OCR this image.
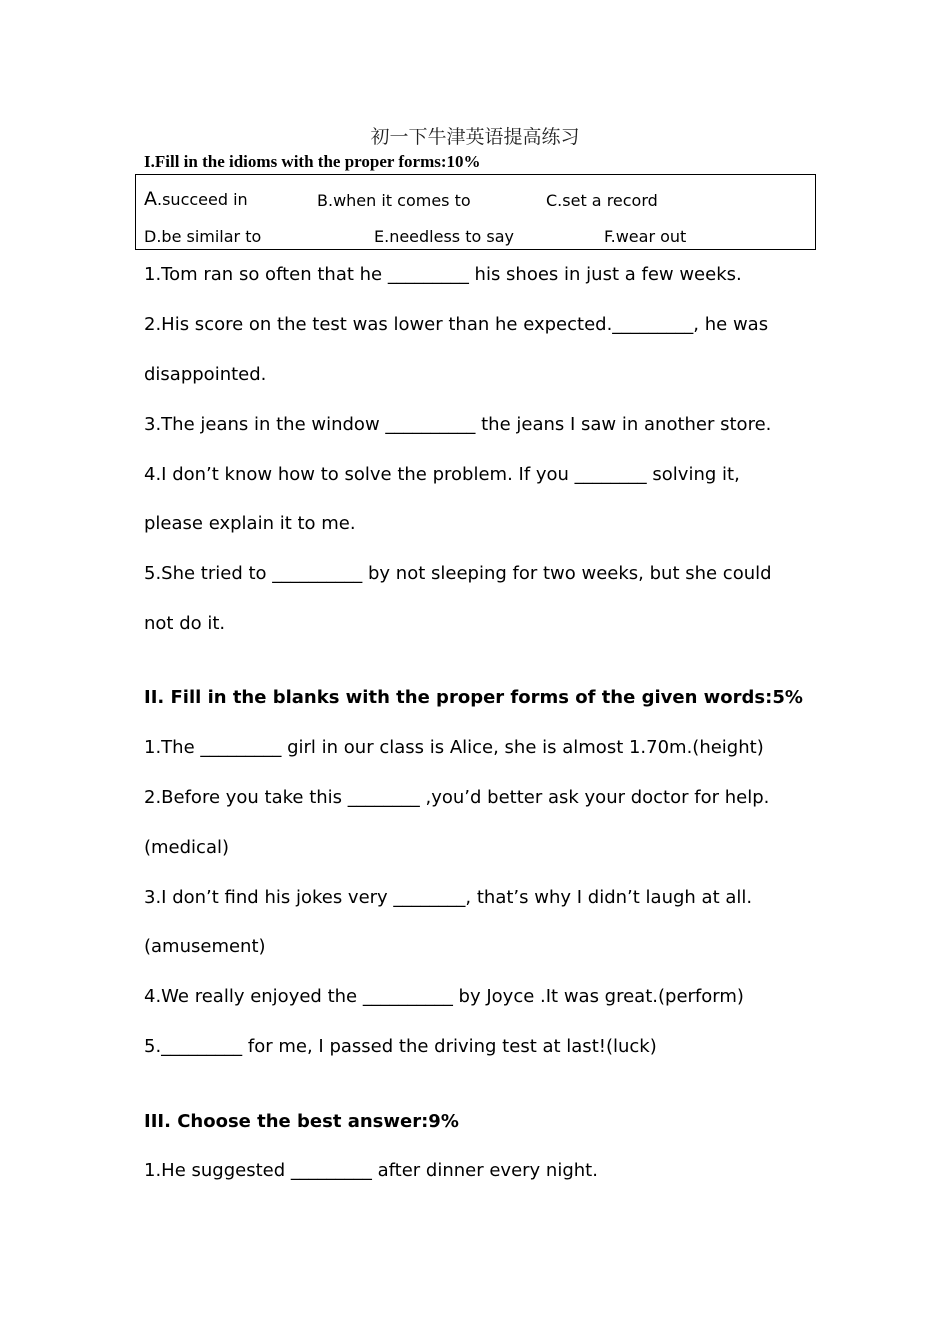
初一下牛津英语提高练习
I.Fill in the idioms with the proper forms:10%
A.succeed in	B.when it comes to	C.set a record
D.be similar to	E.needless to say	F.wear out
1.Tom ran so often that he _________ his shoes in just a few weeks.
2.His score on the test was lower than he expected._________, he was
disappointed.
3.The jeans in the window __________ the jeans I saw in another store.
4.I don’t know how to solve the problem. If you ________ solving it,
please explain it to me.
5.She tried to __________ by not sleeping for two weeks, but she could
not do it.
II. Fill in the blanks with the proper forms of the given words:5%
1.The _________ girl in our class is Alice, she is almost 1.70m.(height)
2.Before you take this ________ ,you’d better ask your doctor for help.
(medical)
3.I don’t find his jokes very ________, that’s why I didn’t laugh at all.
(amusement)
4.We really enjoyed the __________ by Joyce .It was great.(perform)
5._________ for me, I passed the driving test at last!(luck)
III. Choose the best answer:9%
1.He suggested _________ after dinner every night.
